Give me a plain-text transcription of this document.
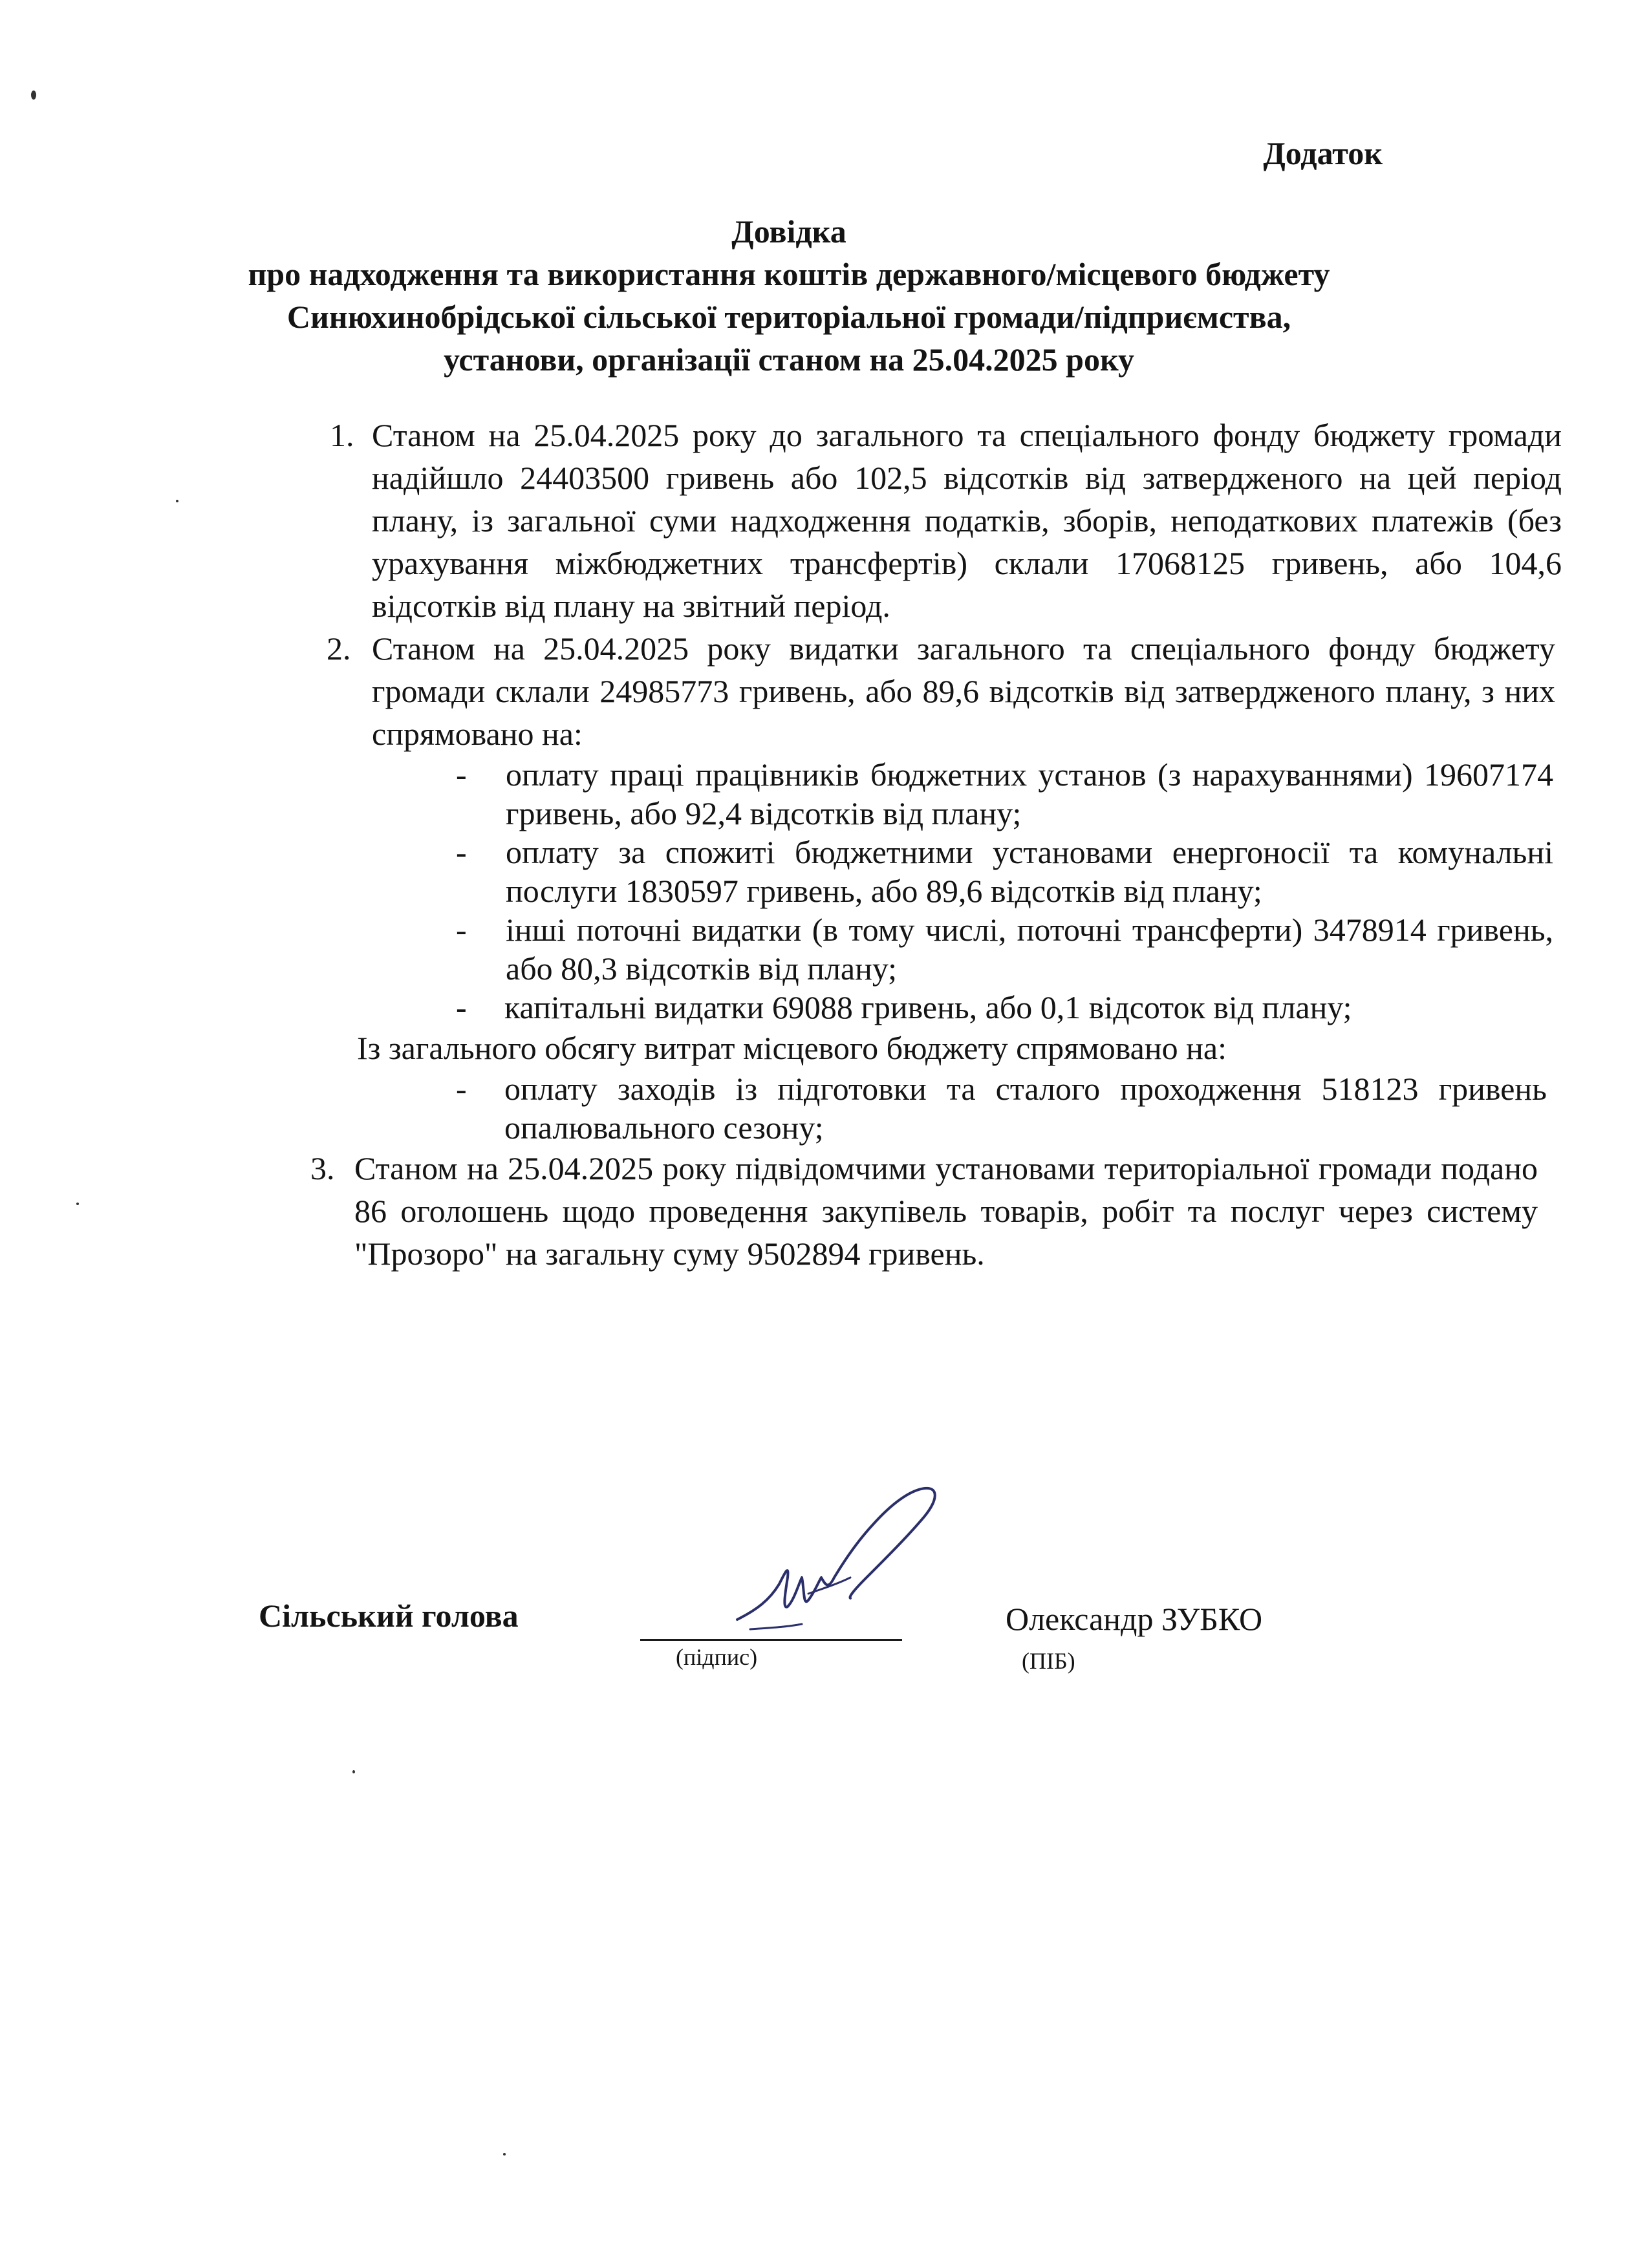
Додаток
Довідка
про надходження та використання коштів державного/місцевого бюджету
Синюхинобрідської сільської територіальної громади/підприємства,
установи, організації станом на 25.04.2025 року
1. Станом на 25.04.2025 року до загального та спеціального фонду бюджету громади надійшло 24403500 гривень або 102,5 відсотків від затвердженого на цей період плану, із загальної суми надходження податків, зборів, неподаткових платежів (без урахування міжбюджетних трансфертів) склали 17068125 гривень, або 104,6 відсотків від плану на звітний період.
2. Станом на 25.04.2025 року видатки загального та спеціального фонду бюджету громади склали 24985773 гривень, або 89,6 відсотків від затвердженого плану, з них спрямовано на:
- оплату праці працівників бюджетних установ (з нарахуваннями) 19607174 гривень, або 92,4 відсотків від плану;
- оплату за спожиті бюджетними установами енергоносії та комунальні послуги 1830597 гривень, або 89,6 відсотків від плану;
- інші поточні видатки (в тому числі, поточні трансферти) 3478914 гривень, або 80,3 відсотків від плану;
- капітальні видатки 69088 гривень, або 0,1 відсоток від плану;
Із загального обсягу витрат місцевого бюджету спрямовано на:
- оплату заходів із підготовки та сталого проходження 518123 гривень опалювального сезону;
3. Станом на 25.04.2025 року підвідомчими установами територіальної громади подано 86 оголошень щодо проведення закупівель товарів, робіт та послуг через систему "Прозоро" на загальну суму 9502894 гривень.
Сільський голова
(підпис)
Олександр ЗУБКО
(ПІБ)
